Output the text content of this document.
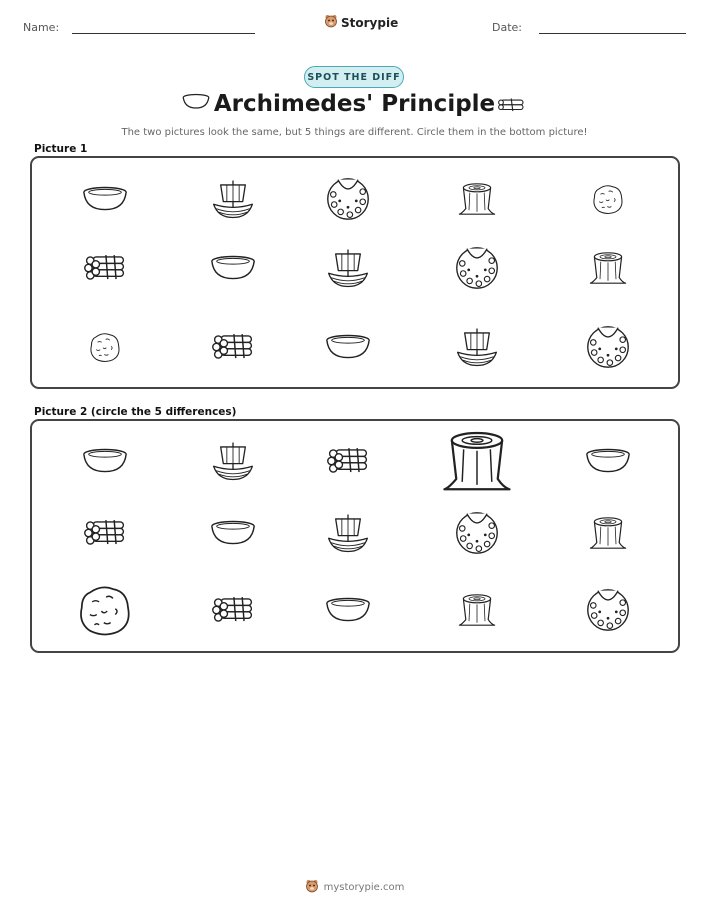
Name:	Storypie	Date:
SPOT THE DIFF
Archimedes' Principle
The two pictures look the same, but 5 things are different. Circle them in the bottom picture!
Picture 1
Picture 2 (circle the 5 differences)
mystorypie.com
